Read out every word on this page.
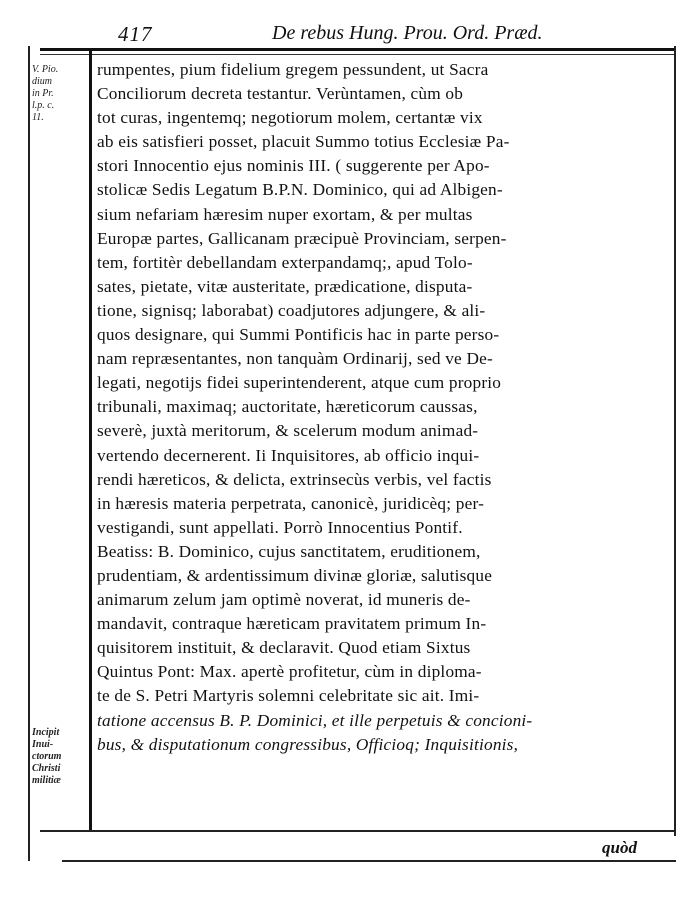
417	De rebus Hung. Prou. Ord. Præd.
V. Pio.
dium
in Pr.
l.p. c.
11.
Incipit
Inui-
ctorum
Christi
militiæ
rumpentes, pium fidelium gregem pessundent, ut Sacra
Conciliorum decreta testantur. Verùntamen, cùm ob
tot curas, ingentemq; negotiorum molem, certantæ vix
ab eis satisfieri posset, placuit Summo totius Ecclesiæ Pa-
stori Innocentio ejus nominis III. ( suggerente per Apo-
stolicæ Sedis Legatum B.P.N. Dominico, qui ad Albigen-
sium nefariam hæresim nuper exortam, & per multas
Europæ partes, Gallicanam præcipuè Provinciam, serpen-
tem, fortitèr debellandam exterpandamq;, apud Tolo-
sates, pietate, vitæ austeritate, prædicatione, disputa-
tione, signisq; laborabat) coadjutores adjungere, & ali-
quos designare, qui Summi Pontificis hac in parte perso-
nam repræsentantes, non tanquàm Ordinarij, sed ve De-
legati, negotijs fidei superintenderent, atque cum proprio
tribunali, maximaq; auctoritate, hæreticorum caussas,
severè, juxtà meritorum, & scelerum modum animad-
vertendo decernerent. Ii Inquisitores, ab officio inqui-
rendi hæreticos, & delicta, extrinsecùs verbis, vel factis
in hæresis materia perpetrata, canonicè, juridicèq; per-
vestigandi, sunt appellati. Porrò Innocentius Pontif.
Beatiss: B. Dominico, cujus sanctitatem, eruditionem,
prudentiam, & ardentissimum divinæ gloriæ, salutisque
animarum zelum jam optimè noverat, id muneris de-
mandavit, contraque hæreticam pravitatem primum In-
quisitorem instituit, & declaravit. Quod etiam Sixtus
Quintus Pont: Max. apertè profitetur, cùm in diploma-
te de S. Petri Martyris solemni celebritate sic ait. Imi-
tatione accensus B. P. Dominici, et ille perpetuis & concioni-
bus, & disputationum congressibus, Officioq; Inquisitionis,
quòd
